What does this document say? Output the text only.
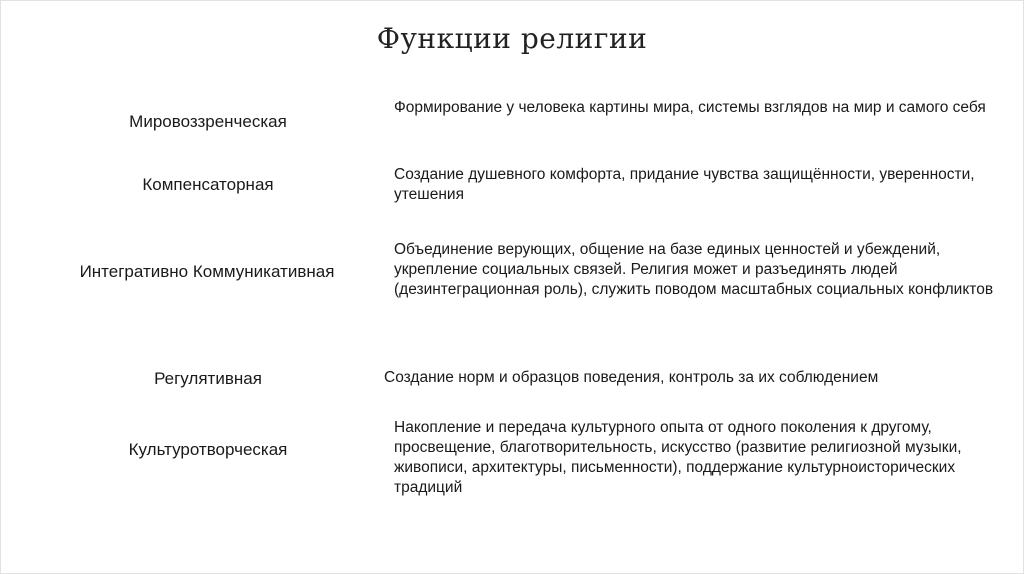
Функции религии
Мировоззренческая
Формирование у человека картины мира, системы взглядов на мир и самого себя
Компенсаторная
Создание душевного комфорта, придание чувства защищённости, уверенности, утешения
Интегративно Коммуникативная
Объединение верующих, общение на базе единых ценностей и убеждений, укрепление социальных связей. Религия может и разъединять людей (дезинтеграционная роль), служить поводом масштабных социальных конфликтов
Регулятивная	Создание норм и образцов поведения, контроль за их соблюдением
Культуротворческая
Накопление и передача культурного опыта от одного поколения к другому, просвещение, благотворительность, искусство (развитие религиозной музыки, живописи, архитектуры, письменности), поддержание культурноисторических традиций
